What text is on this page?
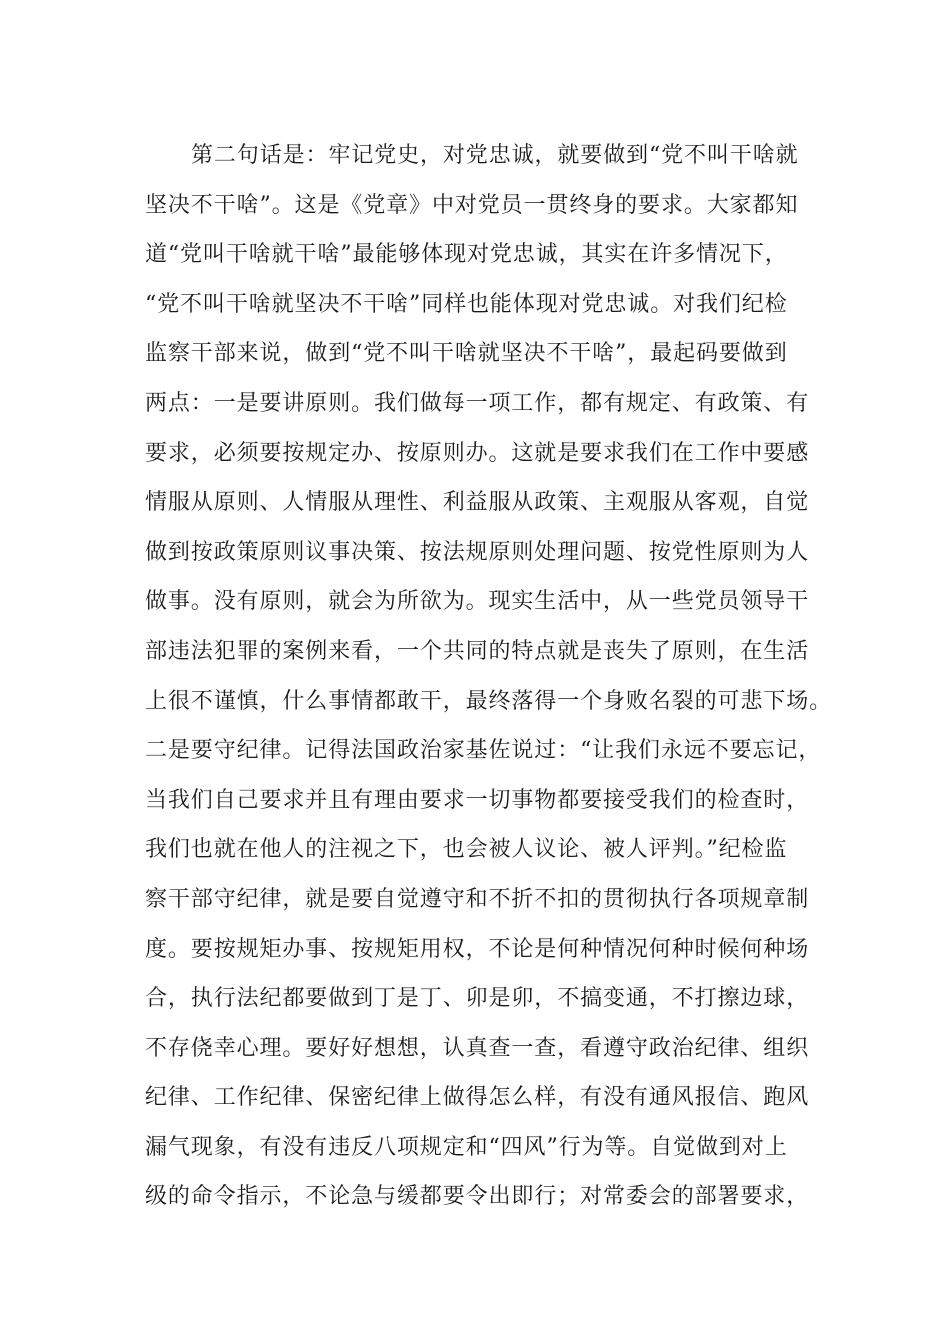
第二句话是：牢记党史，对党忠诚，就要做到“党不叫干啥就
坚决不干啥”。这是《党章》中对党员一贯终身的要求。大家都知
道“党叫干啥就干啥”最能够体现对党忠诚，其实在许多情况下，
“党不叫干啥就坚决不干啥”同样也能体现对党忠诚。对我们纪检
监察干部来说，做到“党不叫干啥就坚决不干啥”，最起码要做到
两点：一是要讲原则。我们做每一项工作，都有规定、有政策、有
要求，必须要按规定办、按原则办。这就是要求我们在工作中要感
情服从原则、人情服从理性、利益服从政策、主观服从客观，自觉
做到按政策原则议事决策、按法规原则处理问题、按党性原则为人
做事。没有原则，就会为所欲为。现实生活中，从一些党员领导干
部违法犯罪的案例来看，一个共同的特点就是丧失了原则，在生活
上很不谨慎，什么事情都敢干，最终落得一个身败名裂的可悲下场。
二是要守纪律。记得法国政治家基佐说过：“让我们永远不要忘记，
当我们自己要求并且有理由要求一切事物都要接受我们的检查时，
我们也就在他人的注视之下，也会被人议论、被人评判。”纪检监
察干部守纪律，就是要自觉遵守和不折不扣的贯彻执行各项规章制
度。要按规矩办事、按规矩用权，不论是何种情况何种时候何种场
合，执行法纪都要做到丁是丁、卯是卯，不搞变通，不打擦边球，
不存侥幸心理。要好好想想，认真查一查，看遵守政治纪律、组织
纪律、工作纪律、保密纪律上做得怎么样，有没有通风报信、跑风
漏气现象，有没有违反八项规定和“四风”行为等。自觉做到对上
级的命令指示，不论急与缓都要令出即行；对常委会的部署要求，
